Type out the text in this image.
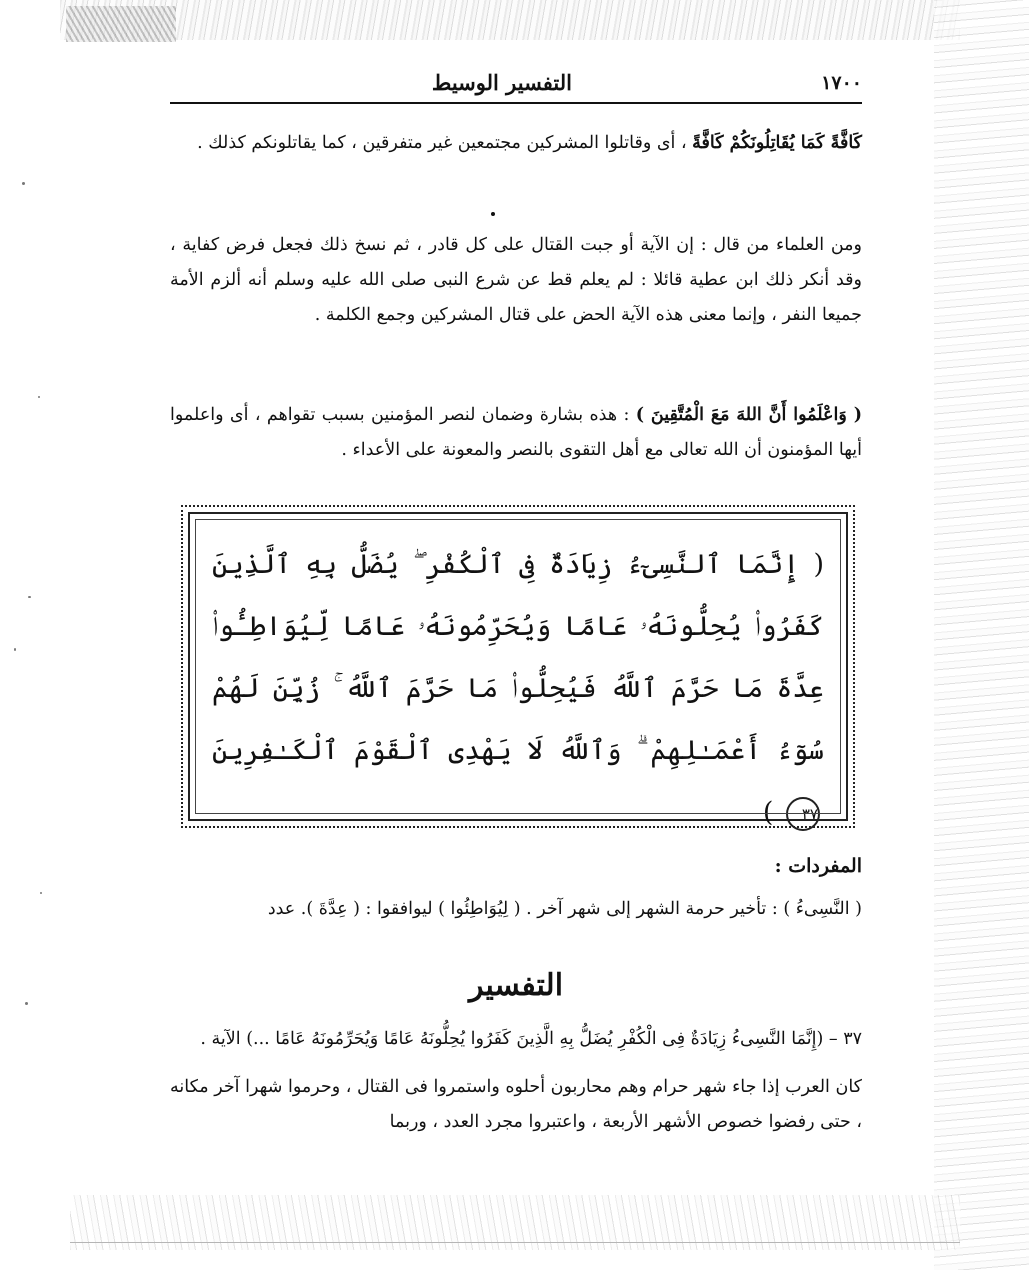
١٧٠٠
التفسير الوسيط
كَافَّةً كَمَا يُقَاتِلُونَكُمْ كَافَّةً ، أى وقاتلوا المشركين مجتمعين غير متفرقين ، كما يقاتلونكم كذلك .
ومن العلماء من قال : إن الآية أو جبت القتال على كل قادر ، ثم نسخ ذلك فجعل فرض كفاية ، وقد أنكر ذلك ابن عطية قائلا : لم يعلم قط عن شرع النبى صلى الله عليه وسلم أنه ألزم الأمة جميعا النفر ، وإنما معنى هذه الآية الحض على قتال المشركين وجمع الكلمة .
( وَاعْلَمُوا أَنَّ اللهَ مَعَ الْمُتَّقِينَ ) : هذه بشارة وضمان لنصر المؤمنين بسبب تقواهم ، أى واعلموا أيها المؤمنون أن الله تعالى مع أهل التقوى بالنصر والمعونة على الأعداء .
( إِنَّمَا ٱلنَّسِىٓءُ زِيَادَةٌ فِى ٱلْكُفْرِ ۖ يُضَلُّ بِهِ ٱلَّذِينَ كَفَرُوا۟ يُحِلُّونَهُۥ عَامًا وَيُحَرِّمُونَهُۥ عَامًا لِّيُوَاطِـُٔوا۟ عِدَّةَ مَا حَرَّمَ ٱللَّهُ فَيُحِلُّوا۟ مَا حَرَّمَ ٱللَّهُ ۚ زُيِّنَ لَهُمْ سُوٓءُ أَعْمَـٰلِهِمْ ۗ وَٱللَّهُ لَا يَهْدِى ٱلْقَوْمَ ٱلْكَـٰفِرِينَ ٣٧ )
المفردات :
( النَّسِىءُ ) : تأخير حرمة الشهر إلى شهر آخر . ( لِيُوَاطِئُوا ) ليوافقوا : ( عِدَّةَ ). عدد
التفسير
٣٧ – (إِنَّمَا النَّسِىءُ زِيَادَةٌ فِى الْكُفْرِ يُضَلُّ بِهِ الَّذِينَ كَفَرُوا يُحِلُّونَهُ عَامًا وَيُحَرِّمُونَهُ عَامًا ...) الآية .
كان العرب إذا جاء شهر حرام وهم محاربون أحلوه واستمروا فى القتال ، وحرموا شهرا آخر مكانه ، حتى رفضوا خصوص الأشهر الأربعة ، واعتبروا مجرد العدد ، وربما
